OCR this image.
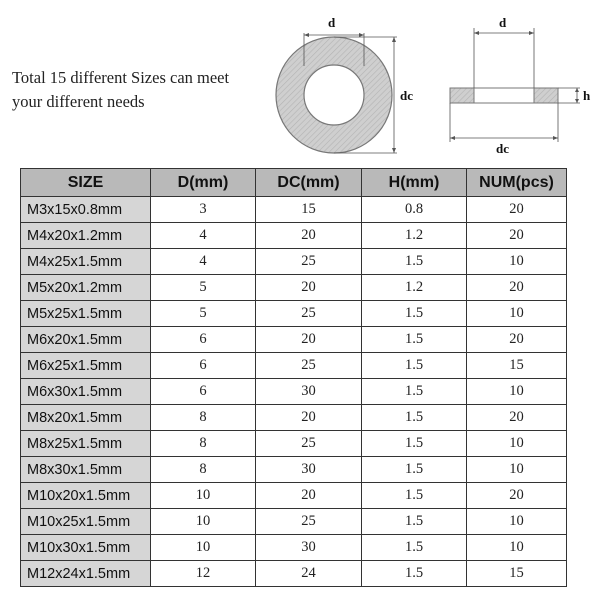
Total 15 different Sizes can meet
your different needs
d
dc
d
dc
h
SIZE	D(mm)	DC(mm)	H(mm)	NUM(pcs)
M3x15x0.8mm	3	15	0.8	20
M4x20x1.2mm	4	20	1.2	20
M4x25x1.5mm	4	25	1.5	10
M5x20x1.2mm	5	20	1.2	20
M5x25x1.5mm	5	25	1.5	10
M6x20x1.5mm	6	20	1.5	20
M6x25x1.5mm	6	25	1.5	15
M6x30x1.5mm	6	30	1.5	10
M8x20x1.5mm	8	20	1.5	20
M8x25x1.5mm	8	25	1.5	10
M8x30x1.5mm	8	30	1.5	10
M10x20x1.5mm	10	20	1.5	20
M10x25x1.5mm	10	25	1.5	10
M10x30x1.5mm	10	30	1.5	10
M12x24x1.5mm	12	24	1.5	15
